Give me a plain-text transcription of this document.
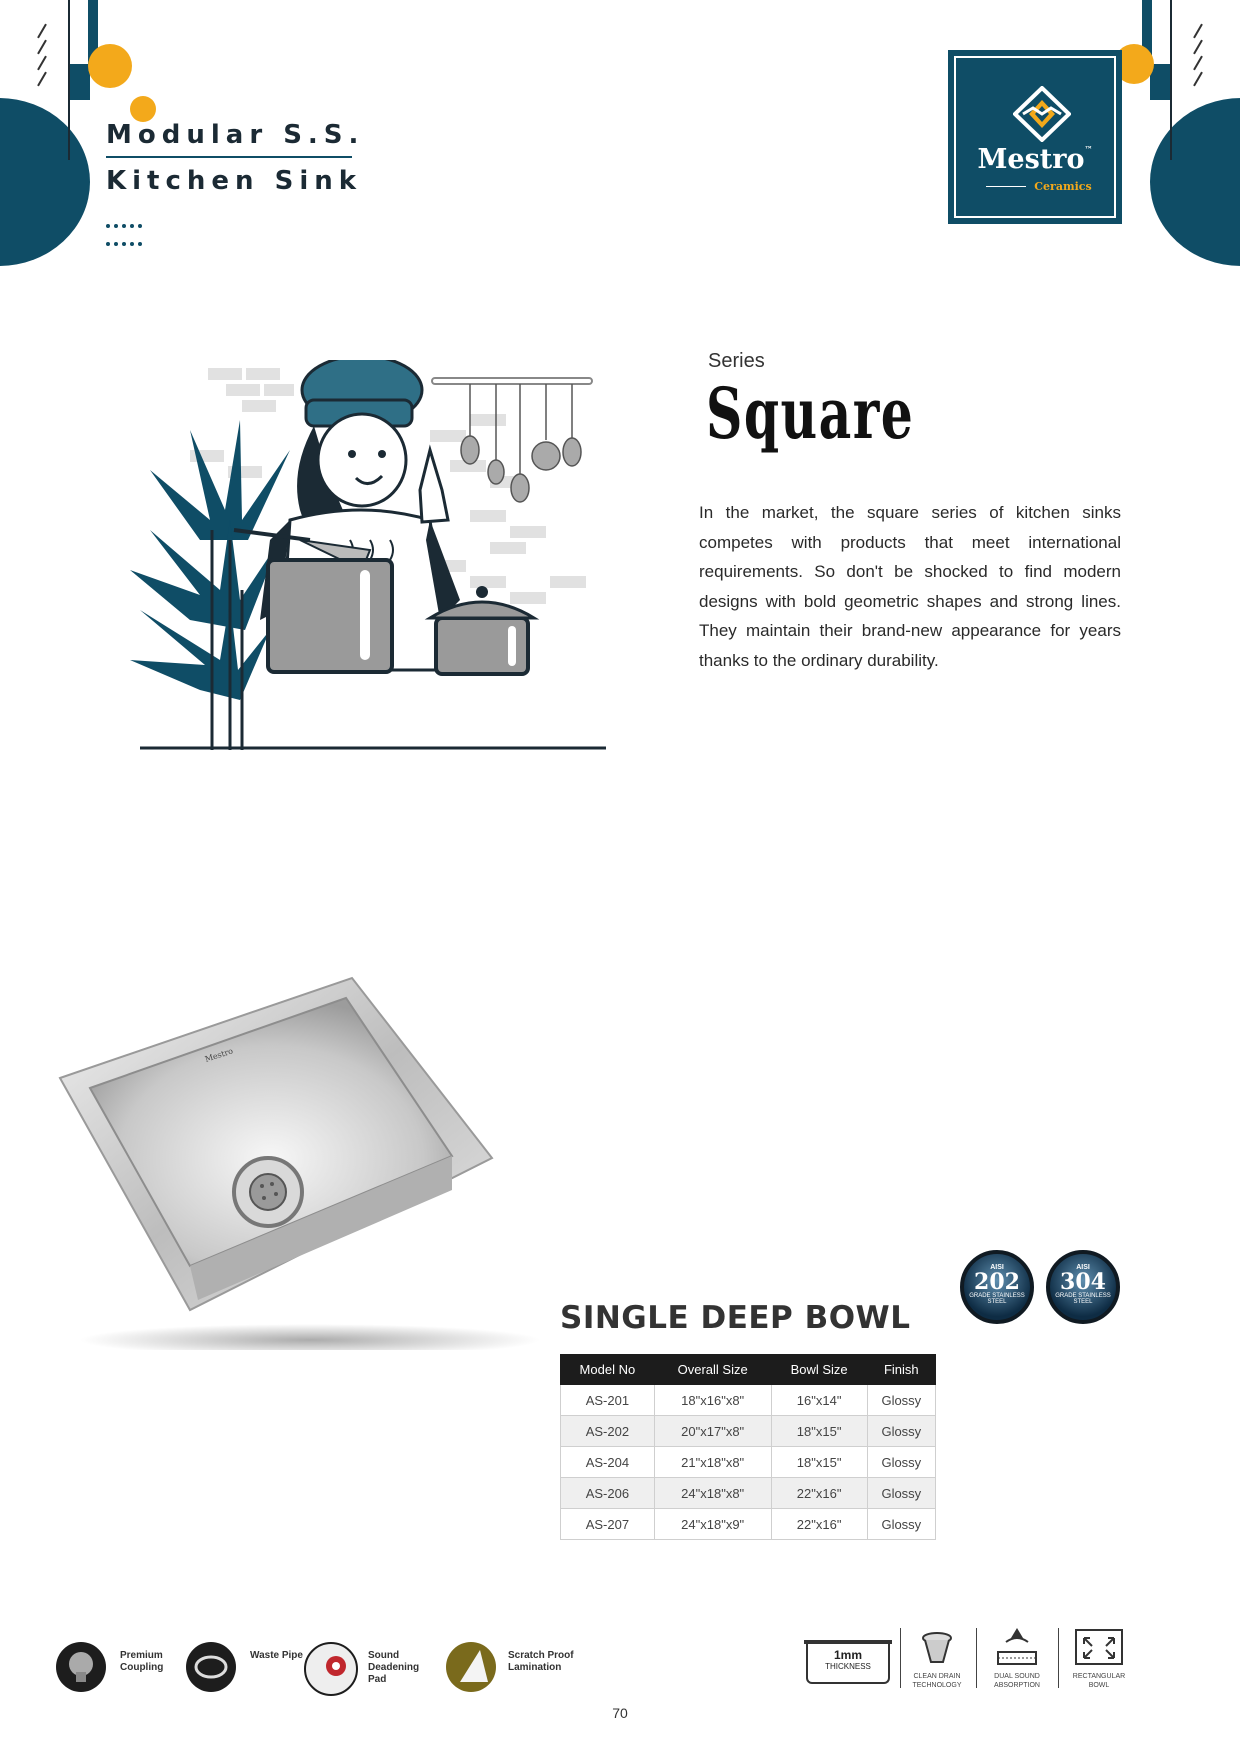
Modular S.S.
Kitchen Sink

Mestro™
Ceramics
Series
Square
In the market, the square series of kitchen sinks competes with products that meet international requirements. So don't be shocked to find modern designs with bold geometric shapes and strong lines. They maintain their brand-new appearance for years thanks to the ordinary durability.
Mestro
AISI
202
GRADE STAINLESS STEEL
AISI
304
GRADE STAINLESS STEEL
SINGLE DEEP BOWL
Model No	Overall Size	Bowl Size	Finish
AS-201	18"x16"x8"	16"x14"	Glossy
AS-202	20"x17"x8"	18"x15"	Glossy
AS-204	21"x18"x8"	18"x15"	Glossy
AS-206	24"x18"x8"	22"x16"	Glossy
AS-207	24"x18"x9"	22"x16"	Glossy
Premium Coupling
Waste Pipe	Sound Deadening Pad
Scratch Proof Lamination
1mm
THICKNESS
CLEAN DRAIN TECHNOLOGY
DUAL SOUND ABSORPTION
RECTANGULAR BOWL
70
